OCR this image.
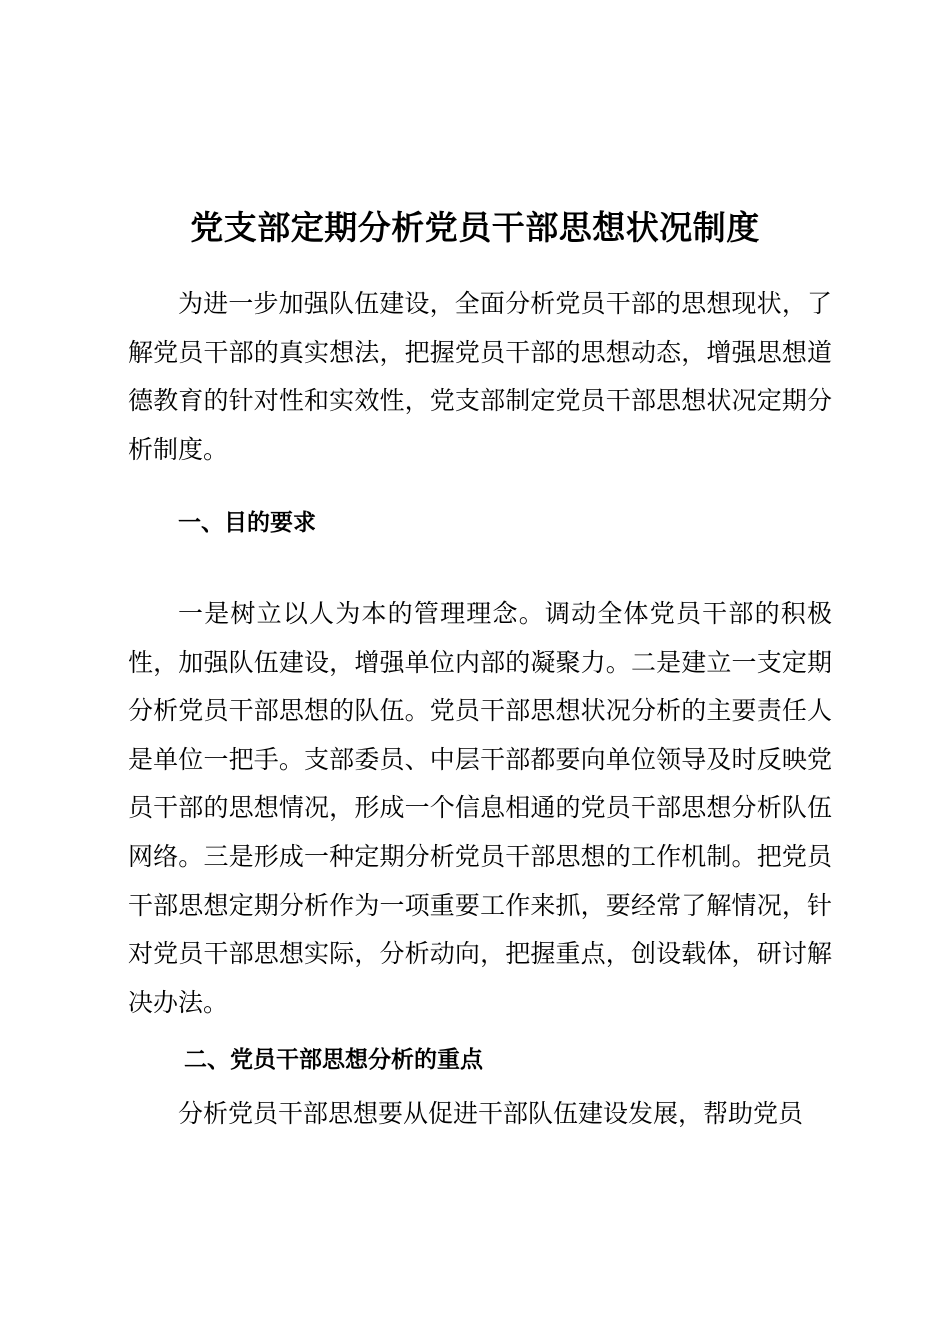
党支部定期分析党员干部思想状况制度

为进一步加强队伍建设，全面分析党员干部的思想现状，了解党员干部的真实想法，把握党员干部的思想动态，增强思想道德教育的针对性和实效性，党支部制定党员干部思想状况定期分析制度。

一、目的要求

一是树立以人为本的管理理念。调动全体党员干部的积极性，加强队伍建设，增强单位内部的凝聚力。二是建立一支定期分析党员干部思想的队伍。党员干部思想状况分析的主要责任人是单位一把手。支部委员、中层干部都要向单位领导及时反映党员干部的思想情况，形成一个信息相通的党员干部思想分析队伍网络。三是形成一种定期分析党员干部思想的工作机制。把党员干部思想定期分析作为一项重要工作来抓，要经常了解情况，针对党员干部思想实际，分析动向，把握重点，创设载体，研讨解决办法。

二、党员干部思想分析的重点

分析党员干部思想要从促进干部队伍建设发展，帮助党员
